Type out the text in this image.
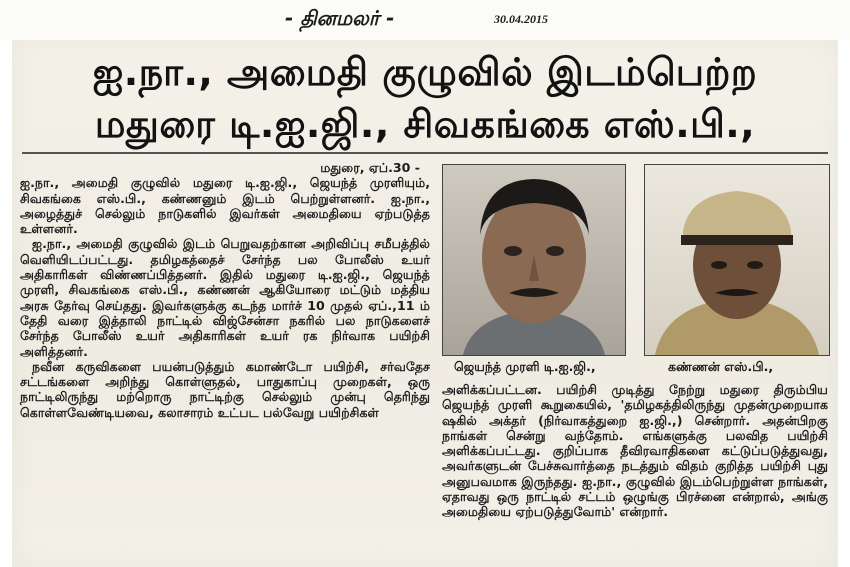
- தினமலர் -	30.04.2015
ஐ.நா., அமைதி குழுவில் இடம்பெற்ற
மதுரை டி.ஐ.ஜி., சிவகங்கை எஸ்.பி.,
மதுரை, ஏப்.30 -

ஐ.நா., அமைதி குழுவில் மதுரை டி.ஐ.ஜி., ஜெயந்த் முரளியும், சிவகங்கை எஸ்.பி., கண்ணனும் இடம் பெற்றுள்ளனர். ஐ.நா., அழைத்துச் செல்லும் நாடுகளில் இவர்கள் அமைதியை ஏற்படுத்த உள்ளனர்.

ஐ.நா., அமைதி குழுவில் இடம் பெறுவதற்கான அறிவிப்பு சமீபத்தில் வெளியிடப்பட்டது. தமிழகத்தைச் சேர்ந்த பல போலீஸ் உயர் அதிகாரிகள் விண்ணப்பித்தனர். இதில் மதுரை டி.ஐ.ஜி., ஜெயந்த் முரளி, சிவகங்கை எஸ்.பி., கண்ணன் ஆகியோரை மட்டும் மத்திய அரசு தேர்வு செய்தது. இவர்களுக்கு கடந்த மார்ச் 10 முதல் ஏப்.,11 ம் தேதி வரை இத்தாலி நாட்டில் விஜ்சேன்சா நகரில் பல நாடுகளைச் சேர்ந்த போலீஸ் உயர் அதிகாரிகள் உயர் ரக நிர்வாக பயிற்சி அளித்தனர்.

நவீன கருவிகளை பயன்படுத்தும் கமாண்டோ பயிற்சி, சர்வதேச சட்டங்களை அறிந்து கொள்ளுதல், பாதுகாப்பு முறைகள், ஒரு நாட்டிலிருந்து மற்றொரு நாட்டிற்கு செல்லும் முன்பு தெரிந்து கொள்ளவேண்டியவை, கலாசாரம் உட்பட பல்வேறு பயிற்சிகள்

ஜெயந்த் முரளி டி.ஐ.ஜி.,	கண்ணன் எஸ்.பி.,

அளிக்கப்பட்டன. பயிற்சி முடித்து நேற்று மதுரை திரும்பிய ஜெயந்த் முரளி கூறுகையில், 'தமிழகத்திலிருந்து முதன்முறையாக ஷகில் அக்தர் (நிர்வாகத்துறை ஐ.ஜி.,) சென்றார். அதன்பிறகு நாங்கள் சென்று வந்தோம். எங்களுக்கு பலவித பயிற்சி அளிக்கப்பட்டது. குறிப்பாக தீவிரவாதிகளை கட்டுப்படுத்துவது, அவர்களுடன் பேச்சுவார்த்தை நடத்தும் விதம் குறித்த பயிற்சி புது அனுபவமாக இருந்தது. ஐ.நா., குழுவில் இடம்பெற்றுள்ள நாங்கள், ஏதாவது ஒரு நாட்டில் சட்டம் ஒழுங்கு பிரச்னை என்றால், அங்கு அமைதியை ஏற்படுத்துவோம்' என்றார்.
